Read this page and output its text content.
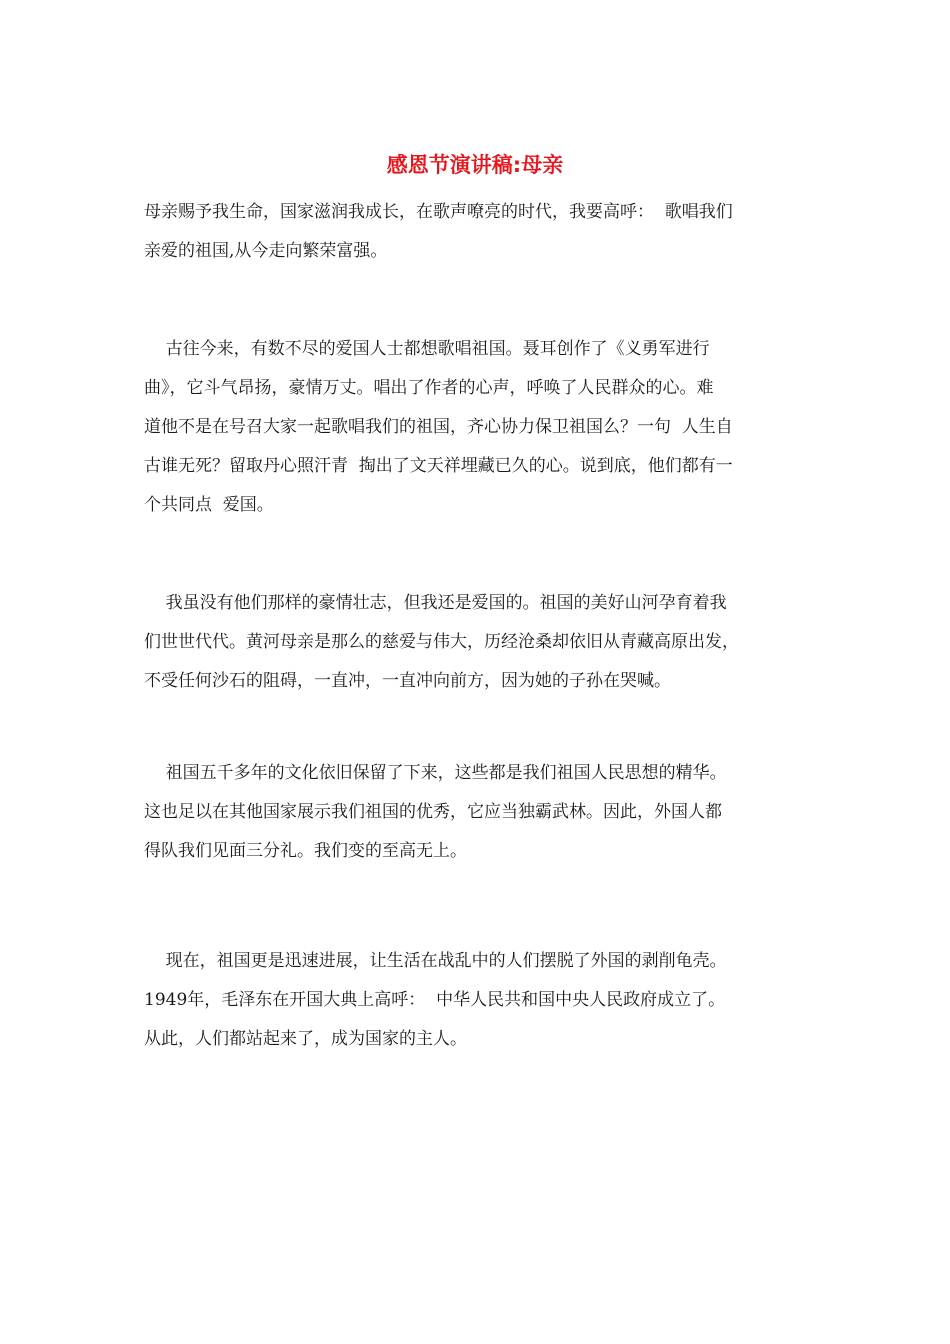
感恩节演讲稿:母亲
母亲赐予我生命，国家滋润我成长，在歌声嘹亮的时代，我要高呼：  歌唱我们
亲爱的祖国,从今走向繁荣富强。
古往今来，有数不尽的爱国人士都想歌唱祖国。聂耳创作了《义勇军进行
曲》，它斗气昂扬，豪情万丈。唱出了作者的心声，呼唤了人民群众的心。难
道他不是在号召大家一起歌唱我们的祖国，齐心协力保卫祖国么？一句  人生自
古谁无死？留取丹心照汗青  掏出了文天祥埋藏已久的心。说到底，他们都有一
个共同点  爱国。
我虽没有他们那样的豪情壮志，但我还是爱国的。祖国的美好山河孕育着我
们世世代代。黄河母亲是那么的慈爱与伟大，历经沧桑却依旧从青藏高原出发，
不受任何沙石的阻碍，一直冲，一直冲向前方，因为她的子孙在哭喊。
祖国五千多年的文化依旧保留了下来，这些都是我们祖国人民思想的精华。
这也足以在其他国家展示我们祖国的优秀，它应当独霸武林。因此，外国人都
得队我们见面三分礼。我们变的至高无上。
现在，祖国更是迅速进展，让生活在战乱中的人们摆脱了外国的剥削龟壳。
1949年，毛泽东在开国大典上高呼：  中华人民共和国中央人民政府成立了。
从此，人们都站起来了，成为国家的主人。
